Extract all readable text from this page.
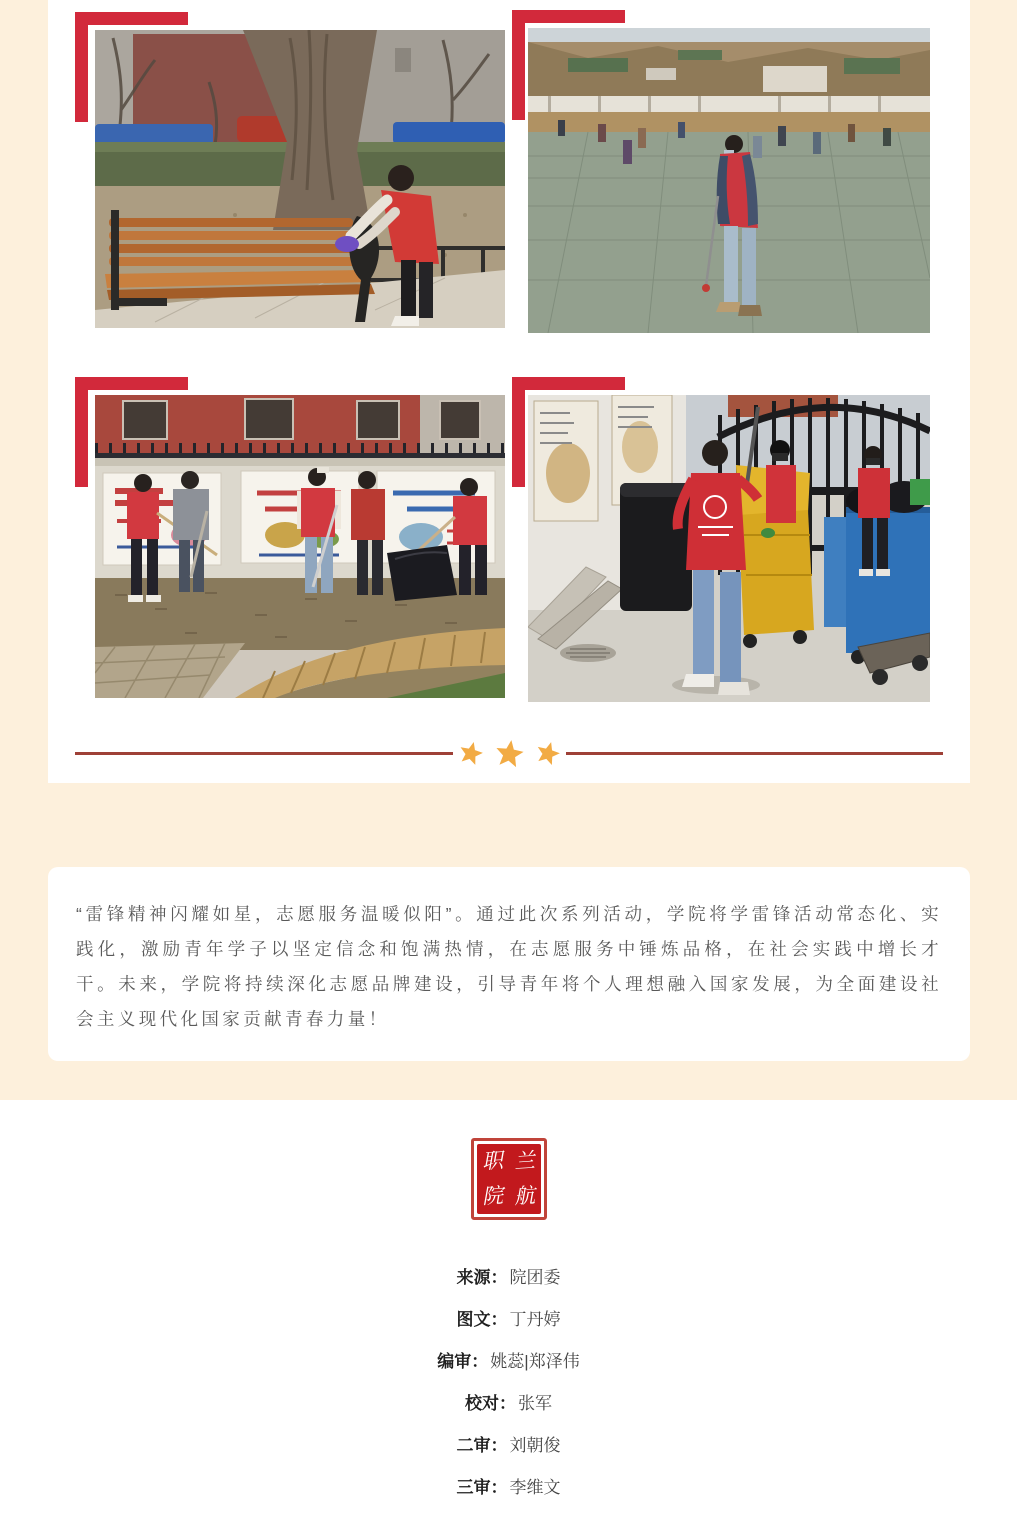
“雷锋精神闪耀如星，志愿服务温暖似阳”。通过此次系列活动，学院将学雷锋活动常态化、实践化，激励青年学子以坚定信念和饱满热情，在志愿服务中锤炼品格，在社会实践中增长才干。未来，学院将持续深化志愿品牌建设，引导青年将个人理想融入国家发展，为全面建设社会主义现代化国家贡献青春力量！

职 兰
院 航
来源： 院团委
图文： 丁丹婷
编审： 姚蕊|郑泽伟
校对： 张军
二审： 刘朝俊
三审： 李维文
